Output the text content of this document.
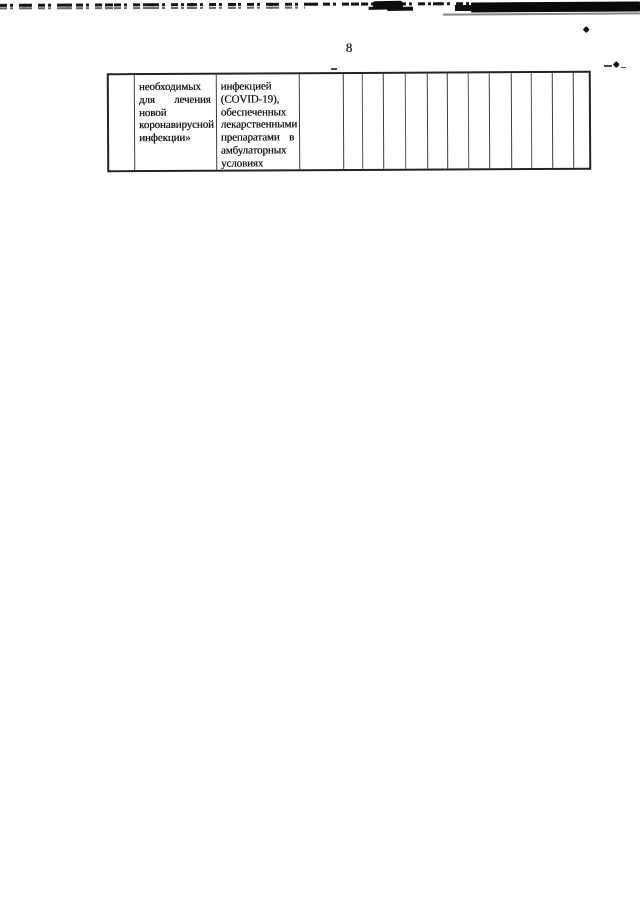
8
необходимых
для лечения
новой
коронавирусной
инфекции»
инфекцией
(COVID-19),
обеспеченных
лекарственными
препаратами в
амбулаторных
условиях
